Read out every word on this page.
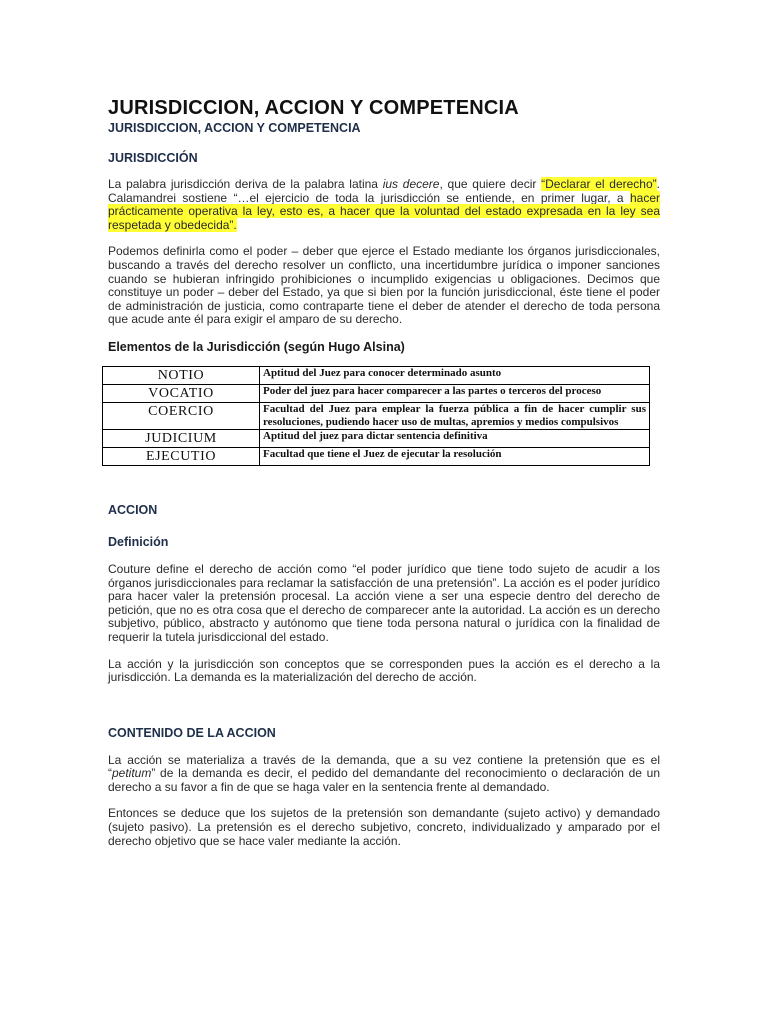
JURISDICCION, ACCION Y COMPETENCIA
JURISDICCION, ACCION Y COMPETENCIA
JURISDICCIÓN

La palabra jurisdicción deriva de la palabra latina ius decere, que quiere decir “Declarar el derecho”. Calamandrei sostiene “…el ejercicio de toda la jurisdicción se entiende, en primer lugar, a hacer prácticamente operativa la ley, esto es, a hacer que la voluntad del estado expresada en la ley sea respetada y obedecida”.

Podemos definirla como el poder – deber que ejerce el Estado mediante los órganos jurisdiccionales, buscando a través del derecho resolver un conflicto, una incertidumbre jurídica o imponer sanciones cuando se hubieran infringido prohibiciones o incumplido exigencias u obligaciones. Decimos que constituye un poder – deber del Estado, ya que si bien por la función jurisdiccional, éste tiene el poder de administración de justicia, como contraparte tiene el deber de atender el derecho de toda persona que acude ante él para exigir el amparo de su derecho.

Elementos de la Jurisdicción (según Hugo Alsina)
NOTIO	Aptitud del Juez para conocer determinado asunto
VOCATIO	Poder del juez para hacer comparecer a las partes o terceros del proceso
COERCIO	Facultad del Juez para emplear la fuerza pública a fin de hacer cumplir sus resoluciones, pudiendo hacer uso de multas, apremios y medios compulsivos
JUDICIUM	Aptitud del juez para dictar sentencia definitiva
EJECUTIO	Facultad que tiene el Juez de ejecutar la resolución
ACCION
Definición

Couture define el derecho de acción como “el poder jurídico que tiene todo sujeto de acudir a los órganos jurisdiccionales para reclamar la satisfacción de una pretensión”. La acción es el poder jurídico para hacer valer la pretensión procesal. La acción viene a ser una especie dentro del derecho de petición, que no es otra cosa que el derecho de comparecer ante la autoridad. La acción es un derecho subjetivo, público, abstracto y autónomo que tiene toda persona natural o jurídica con la finalidad de requerir la tutela jurisdiccional del estado.

La acción y la jurisdicción son conceptos que se corresponden pues la acción es el derecho a la jurisdicción. La demanda es la materialización del derecho de acción.

CONTENIDO DE LA ACCION

La acción se materializa a través de la demanda, que a su vez contiene la pretensión que es el “petitum” de la demanda es decir, el pedido del demandante del reconocimiento o declaración de un derecho a su favor a fin de que se haga valer en la sentencia frente al demandado.

Entonces se deduce que los sujetos de la pretensión son demandante (sujeto activo) y demandado (sujeto pasivo). La pretensión es el derecho subjetivo, concreto, individualizado y amparado por el derecho objetivo que se hace valer mediante la acción.
